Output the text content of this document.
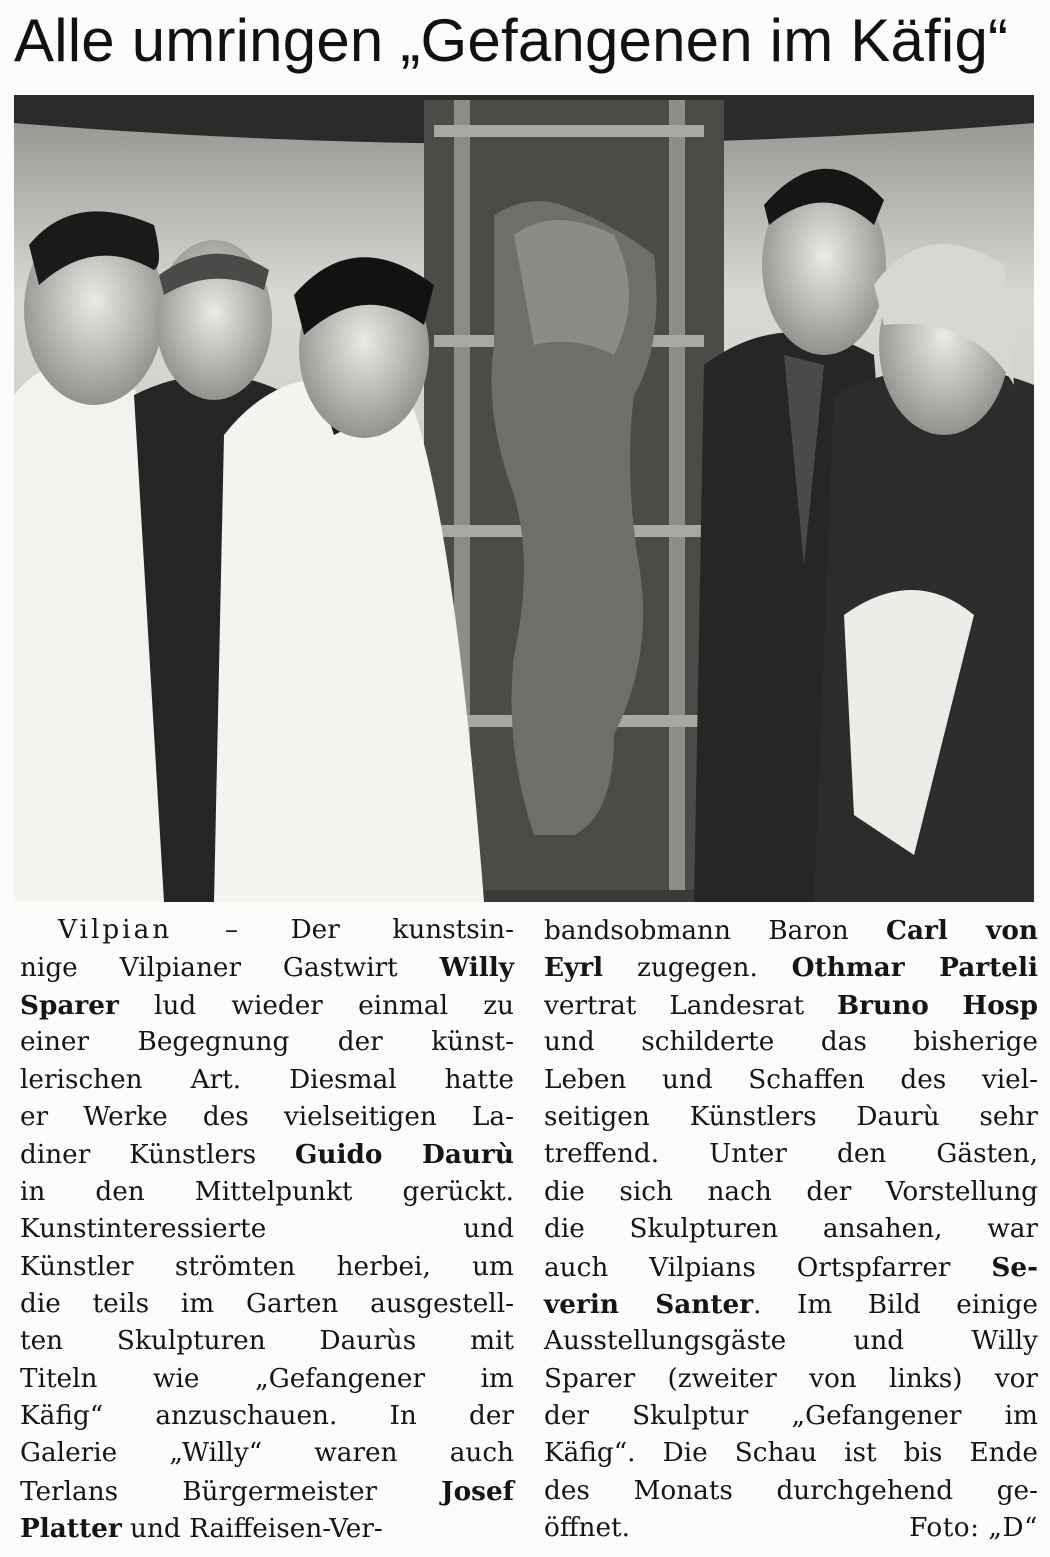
Alle umringen „Gefangenen im Käfig“
Vilpian – Der kunstsin-
nige Vilpianer Gastwirt Willy
Sparer lud wieder einmal zu
einer Begegnung der künst-
lerischen Art. Diesmal hatte
er Werke des vielseitigen La-
diner Künstlers Guido Daurù
in den Mittelpunkt gerückt.
Kunstinteressierte und
Künstler strömten herbei, um
die teils im Garten ausgestell-
ten Skulpturen Daurùs mit
Titeln wie „Gefangener im
Käfig“ anzuschauen. In der
Galerie „Willy“ waren auch
Terlans Bürgermeister Josef
Platter und Raiffeisen-Ver-
bandsobmann Baron Carl von
Eyrl zugegen. Othmar Parteli
vertrat Landesrat Bruno Hosp
und schilderte das bisherige
Leben und Schaffen des viel-
seitigen Künstlers Daurù sehr
treffend. Unter den Gästen,
die sich nach der Vorstellung
die Skulpturen ansahen, war
auch Vilpians Ortspfarrer Se-
verin Santer. Im Bild einige
Ausstellungsgäste und Willy
Sparer (zweiter von links) vor
der Skulptur „Gefangener im
Käfig“. Die Schau ist bis Ende
des Monats durchgehend ge-
öffnet.	Foto: „D“
